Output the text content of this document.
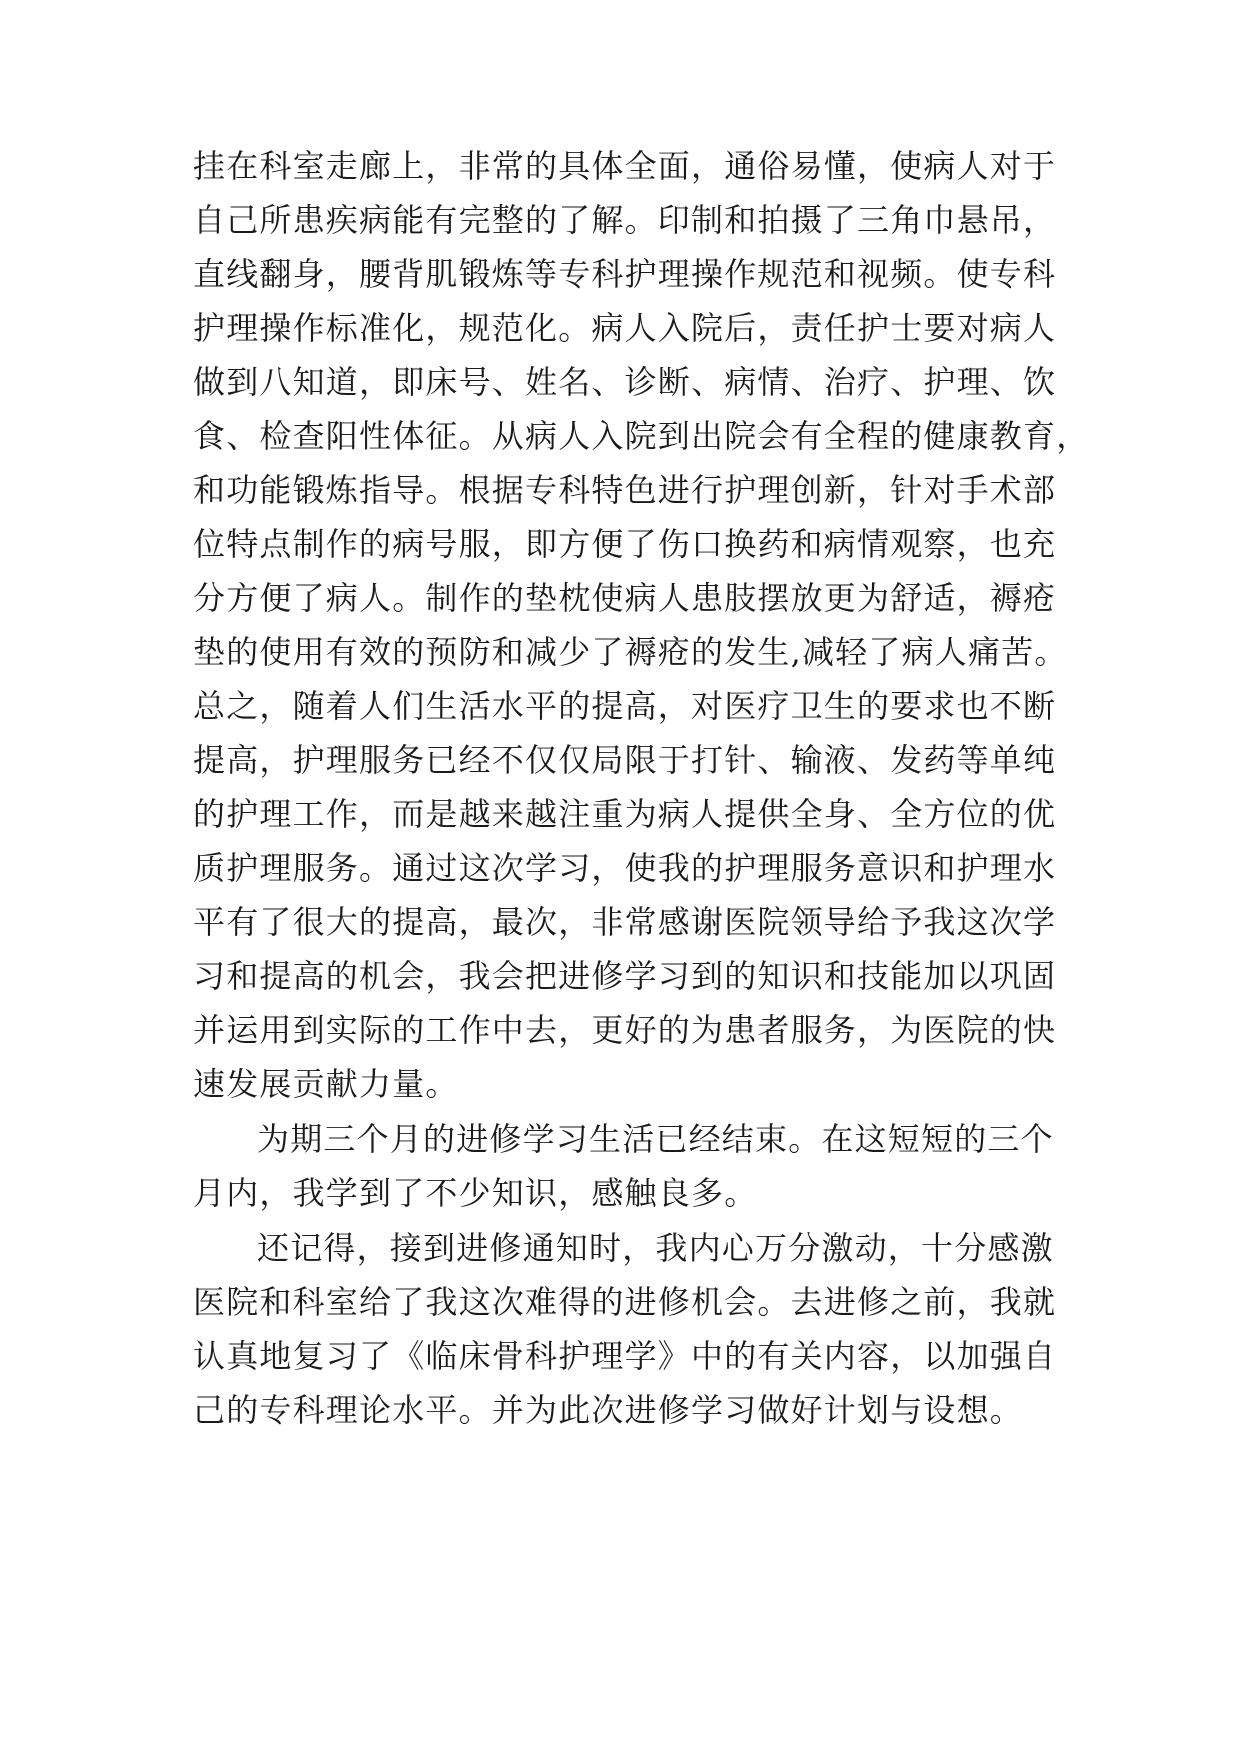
挂在科室走廊上，非常的具体全面，通俗易懂，使病人对于
自己所患疾病能有完整的了解。印制和拍摄了三角巾悬吊，
直线翻身，腰背肌锻炼等专科护理操作规范和视频。使专科
护理操作标准化，规范化。病人入院后，责任护士要对病人
做到八知道，即床号、姓名、诊断、病情、治疗、护理、饮
食、检查阳性体征。从病人入院到出院会有全程的健康教育，
和功能锻炼指导。根据专科特色进行护理创新，针对手术部
位特点制作的病号服，即方便了伤口换药和病情观察，也充
分方便了病人。制作的垫枕使病人患肢摆放更为舒适，褥疮
垫的使用有效的预防和减少了褥疮的发生,减轻了病人痛苦。
总之，随着人们生活水平的提高，对医疗卫生的要求也不断
提高，护理服务已经不仅仅局限于打针、输液、发药等单纯
的护理工作，而是越来越注重为病人提供全身、全方位的优
质护理服务。通过这次学习，使我的护理服务意识和护理水
平有了很大的提高，最次，非常感谢医院领导给予我这次学
习和提高的机会，我会把进修学习到的知识和技能加以巩固
并运用到实际的工作中去，更好的为患者服务，为医院的快
速发展贡献力量。
为期三个月的进修学习生活已经结束。在这短短的三个
月内，我学到了不少知识，感触良多。
还记得，接到进修通知时，我内心万分激动，十分感激
医院和科室给了我这次难得的进修机会。去进修之前，我就
认真地复习了《临床骨科护理学》中的有关内容，以加强自
己的专科理论水平。并为此次进修学习做好计划与设想。
